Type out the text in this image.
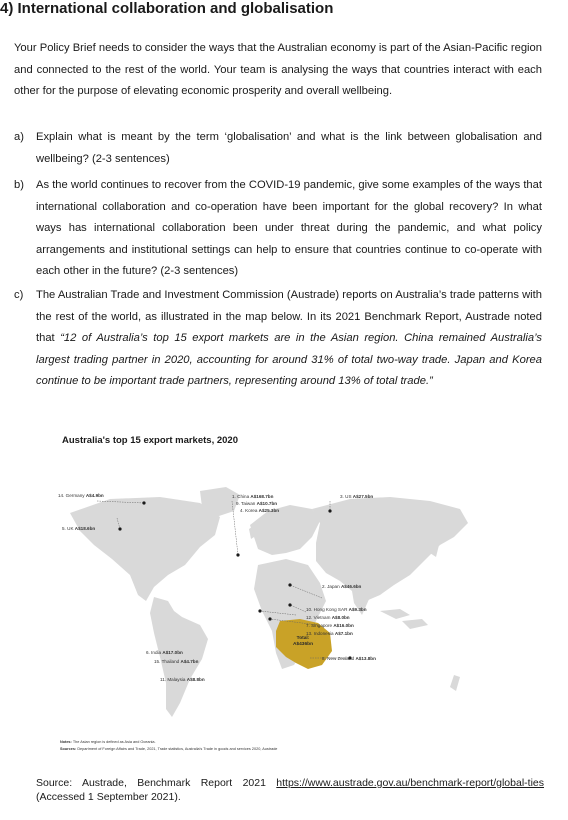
4) International collaboration and globalisation

Your Policy Brief needs to consider the ways that the Australian economy is part of the Asian-Pacific region and connected to the rest of the world. Your team is analysing the ways that countries interact with each other for the purpose of elevating economic prosperity and overall wellbeing.

a) Explain what is meant by the term ‘globalisation’ and what is the link between globalisation and wellbeing? (2-3 sentences)
b) As the world continues to recover from the COVID-19 pandemic, give some examples of the ways that international collaboration and co-operation have been important for the global recovery? In what ways has international collaboration been under threat during the pandemic, and what policy arrangements and institutional settings can help to ensure that countries continue to co-operate with each other in the future? (2-3 sentences)
c) The Australian Trade and Investment Commission (Austrade) reports on Australia’s trade patterns with the rest of the world, as illustrated in the map below. In its 2021 Benchmark Report, Austrade noted that “12 of Australia’s top 15 export markets are in the Asian region. China remained Australia’s largest trading partner in 2020, accounting for around 31% of total two-way trade. Japan and Korea continue to be important trade partners, representing around 13% of total trade.”
Australia's top 15 export markets, 2020
14. Germany A$4.9bn
5. UK A$18.6bn
1. China A$168.7bn
9. Taiwan A$10.7bn
4. Korea A$25.3bn
3. US A$27.5bn
2. Japan A$46.6bn
10. Hong Kong SAR A$9.3bn
12. Vietnam A$8.0bn
7. Singapore A$16.0bn
13. Indonesia A$7.1bn
6. India A$17.0bn
15. Thailand A$4.7bn
11. Malaysia A$8.8bn
8. New Zealand A$13.8bn
Total:
A$436bn
Notes: The Asian region is defined as Asia and Oceania.
Sources: Department of Foreign Affairs and Trade, 2021, Trade statistics, Australia's Trade in goods and services 2020, Austrade

Source: Austrade, Benchmark Report 2021 https://www.austrade.gov.au/benchmark-report/global-ties (Accessed 1 September 2021).
